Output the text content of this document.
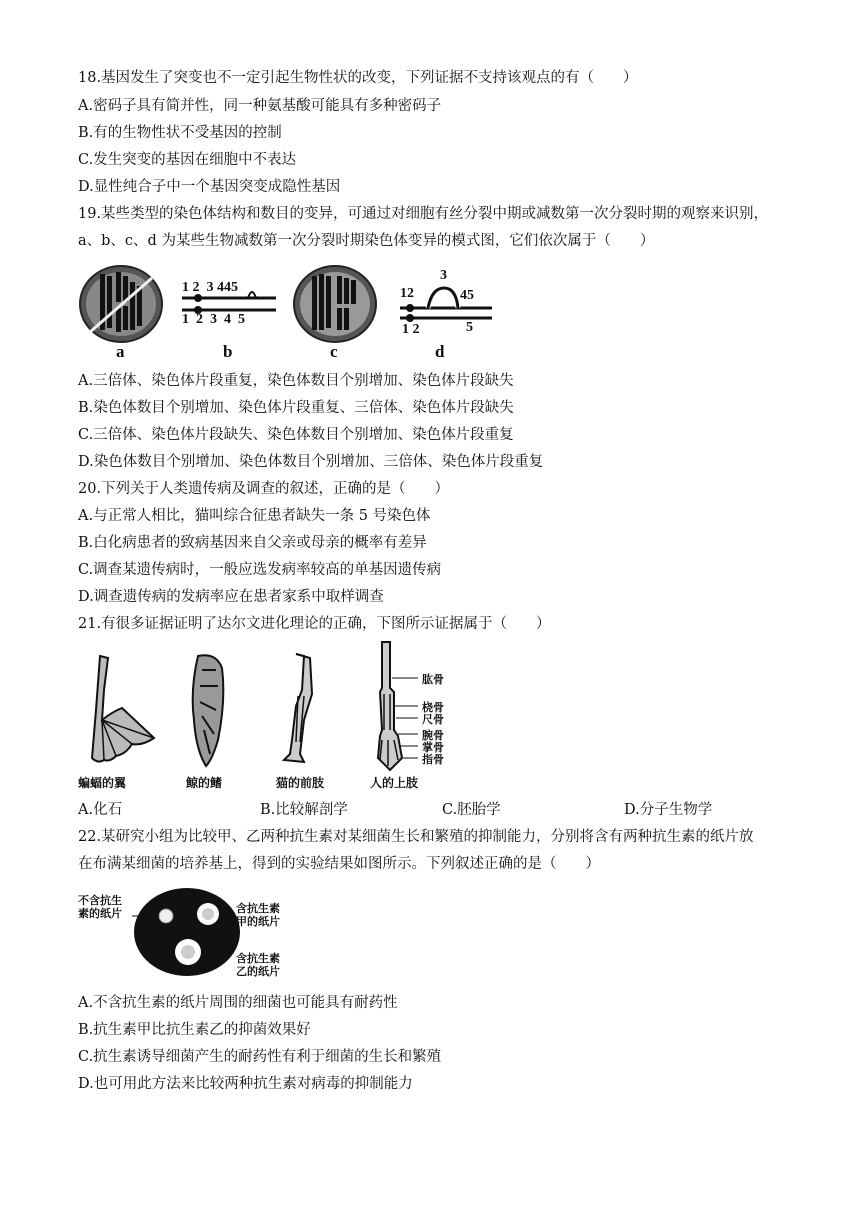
18.基因发生了突变也不一定引起生物性状的改变，下列证据不支持该观点的有（　　）
A.密码子具有简并性，同一种氨基酸可能具有多种密码子
B.有的生物性状不受基因的控制
C.发生突变的基因在细胞中不表达
D.显性纯合子中一个基因突变成隐性基因
19.某些类型的染色体结构和数目的变异，可通过对细胞有丝分裂中期或减数第一次分裂时期的观察来识别，
a、b、c、d 为某些生物减数第一次分裂时期染色体变异的模式图，它们依次属于（　　）
1 2 3 445
1 2 3 4 5
12
3
45
1 2	5
a	b	c	d
A.三倍体、染色体片段重复，染色体数目个别增加、染色体片段缺失
B.染色体数目个别增加、染色体片段重复、三倍体、染色体片段缺失
C.三倍体、染色体片段缺失、染色体数目个别增加、染色体片段重复
D.染色体数目个别增加、染色体数目个别增加、三倍体、染色体片段重复
20.下列关于人类遗传病及调查的叙述，正确的是（　　）
A.与正常人相比，猫叫综合征患者缺失一条 5 号染色体
B.白化病患者的致病基因来自父亲或母亲的概率有差异
C.调查某遗传病时，一般应选发病率较高的单基因遗传病
D.调查遗传病的发病率应在患者家系中取样调查
21.有很多证据证明了达尔文进化理论的正确，下图所示证据属于（　　）
肱骨
桡骨
尺骨
腕骨
掌骨
指骨
蝙蝠的翼	鲸的鳍	猫的前肢	人的上肢
A.化石	B.比较解剖学	C.胚胎学	D.分子生物学
22.某研究小组为比较甲、乙两种抗生素对某细菌生长和繁殖的抑制能力，分别将含有两种抗生素的纸片放
在布满某细菌的培养基上，得到的实验结果如图所示。下列叙述正确的是（　　）
不含抗生
素的纸片	含抗生素
甲的纸片
含抗生素
乙的纸片
A.不含抗生素的纸片周围的细菌也可能具有耐药性
B.抗生素甲比抗生素乙的抑菌效果好
C.抗生素诱导细菌产生的耐药性有利于细菌的生长和繁殖
D.也可用此方法来比较两种抗生素对病毒的抑制能力
